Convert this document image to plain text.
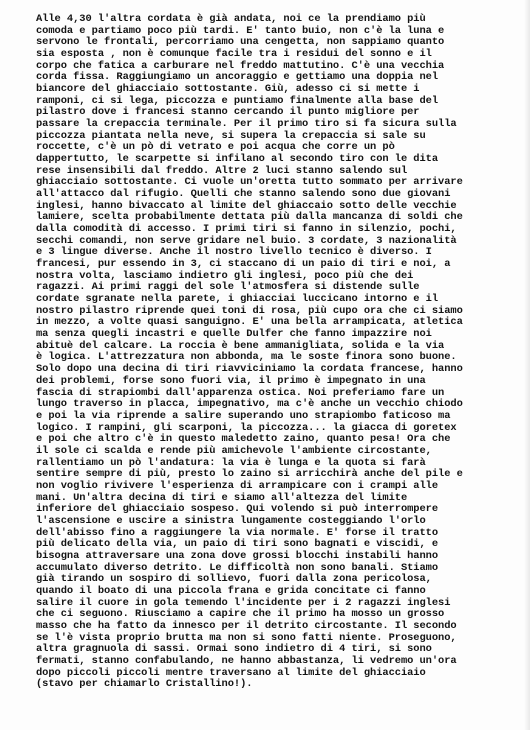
Alle 4,30 l'altra cordata è già andata, noi ce la prendiamo più
comoda e partiamo poco più tardi. E' tanto buio, non c'è la luna e
servono le frontali, percorriamo una cengetta, non sappiamo quanto
sia esposta , non è comunque facile tra i residui del sonno e il
corpo che fatica a carburare nel freddo mattutino. C'è una vecchia
corda fissa. Raggiungiamo un ancoraggio e gettiamo una doppia nel
biancore del ghiacciaio sottostante. Giù, adesso ci si mette i
ramponi, ci si lega, piccozza e puntiamo finalmente alla base del
pilastro dove i francesi stanno cercando il punto migliore per
passare la crepaccia terminale. Per il primo tiro si fa sicura sulla
piccozza piantata nella neve, si supera la crepaccia si sale su
roccette, c'è un pò di vetrato e poi acqua che corre un pò
dappertutto, le scarpette si infilano al secondo tiro con le dita
rese insensibili dal freddo. Altre 2 luci stanno salendo sul
ghiacciaio sottostante. Ci vuole un'oretta tutto sommato per arrivare
all'attacco dal rifugio. Quelli che stanno salendo sono due giovani
inglesi, hanno bivaccato al limite del ghiaccaio sotto delle vecchie
lamiere, scelta probabilmente dettata più dalla mancanza di soldi che
dalla comodità di accesso. I primi tiri si fanno in silenzio, pochi,
secchi comandi, non serve gridare nel buio. 3 cordate, 3 nazionalità
e 3 lingue diverse. Anche il nostro livello tecnico è diverso. I
francesi, pur essendo in 3, ci staccano di un paio di tiri e noi, a
nostra volta, lasciamo indietro gli inglesi, poco più che dei
ragazzi. Ai primi raggi del sole l'atmosfera si distende sulle
cordate sgranate nella parete, i ghiacciai luccicano intorno e il
nostro pilastro riprende quei toni di rosa, più cupo ora che ci siamo
in mezzo, a volte quasi sanguigno. E' una bella arrampicata, atletica
ma senza quegli incastri e quelle Dulfer che fanno impazzire noi
abituè del calcare. La roccia è bene ammanigliata, solida e la via
è logica. L'attrezzatura non abbonda, ma le soste finora sono buone.
Solo dopo una decina di tiri riavviciniamo la cordata francese, hanno
dei problemi, forse sono fuori via, il primo è impegnato in una
fascia di strapiombi dall'apparenza ostica. Noi preferiamo fare un
lungo traverso in placca, impegnativo, ma c'è anche un vecchio chiodo
e poi la via riprende a salire superando uno strapiombo faticoso ma
logico. I rampini, gli scarponi, la piccozza... la giacca di goretex
e poi che altro c'è in questo maledetto zaino, quanto pesa! Ora che
il sole ci scalda e rende più amichevole l'ambiente circostante,
rallentiamo un pò l'andatura: la via è lunga e la quota si farà
sentire sempre di più, presto lo zaino si arricchirà anche del pile e
non voglio rivivere l'esperienza di arrampicare con i crampi alle
mani. Un'altra decina di tiri e siamo all'altezza del limite
inferiore del ghiacciaio sospeso. Qui volendo si può interrompere
l'ascensione e uscire a sinistra lungamente costeggiando l'orlo
dell'abisso fino a raggiungere la via normale. E' forse il tratto
più delicato della via, un paio di tiri sono bagnati e viscidi, e
bisogna attraversare una zona dove grossi blocchi instabili hanno
accumulato diverso detrito. Le difficoltà non sono banali. Stiamo
già tirando un sospiro di sollievo, fuori dalla zona pericolosa,
quando il boato di una piccola frana e grida concitate ci fanno
salire il cuore in gola temendo l'incidente per i 2 ragazzi inglesi
che ci seguono. Riusciamo a capire che il primo ha mosso un grosso
masso che ha fatto da innesco per il detrito circostante. Il secondo
se l'è vista proprio brutta ma non si sono fatti niente. Proseguono,
altra gragnuola di sassi. Ormai sono indietro di 4 tiri, si sono
fermati, stanno confabulando, ne hanno abbastanza, li vedremo un'ora
dopo piccoli piccoli mentre traversano al limite del ghiacciaio
(stavo per chiamarlo Cristallino!).
